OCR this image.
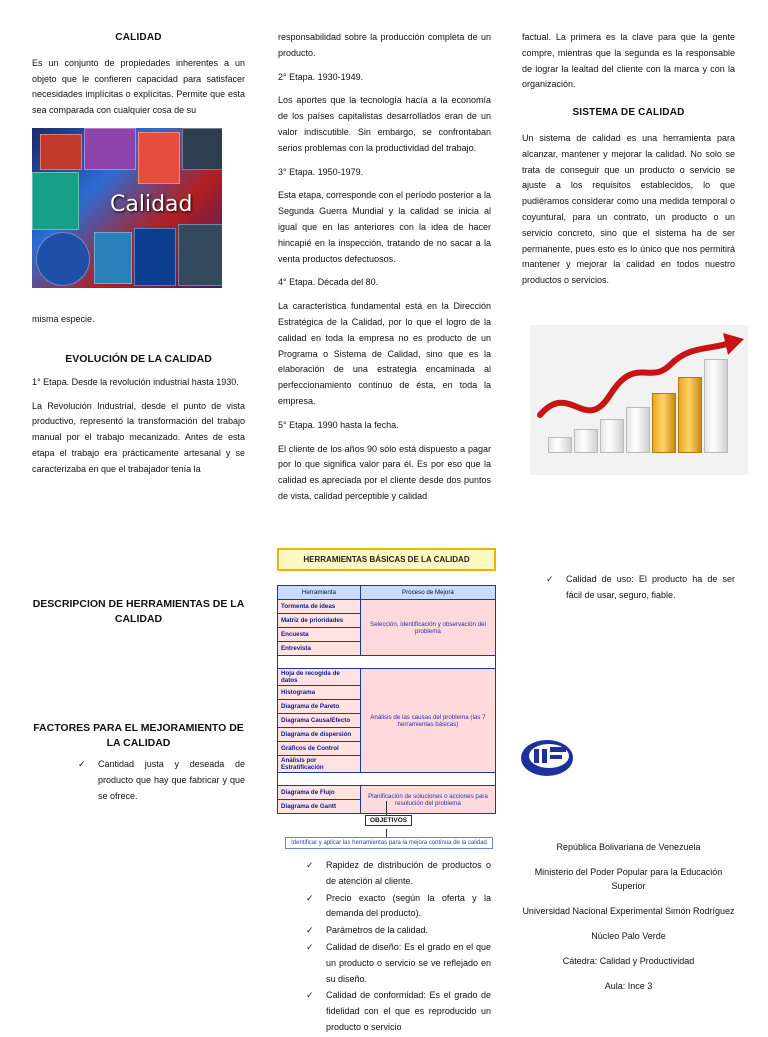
CALIDAD

Es un conjunto de propiedades inherentes a un objeto que le confieren capacidad para satisfacer necesidades implícitas o explícitas. Permite que esta sea comparada con cualquier cosa de su

Calidad

misma especie.

EVOLUCIÓN DE LA CALIDAD

1° Etapa. Desde la revolución industrial hasta 1930.

La Revolución Industrial, desde el punto de vista productivo, representó la transformación del trabajo manual por el trabajo mecanizado. Antes de esta etapa el trabajo era prácticamente artesanal y se caracterizaba en que el trabajador tenía la

DESCRIPCION DE HERRAMIENTAS DE LA CALIDAD
FACTORES PARA EL MEJORAMIENTO DE LA CALIDAD
✓ Cantidad justa y deseada de producto que hay que fabricar y que se ofrece.

responsabilidad sobre la producción completa de un producto.

2° Etapa. 1930-1949.

Los aportes que la tecnología hacía a la economía de los países capitalistas desarrollados eran de un valor indiscutible. Sin embargo, se confrontaban serios problemas con la productividad del trabajo.

3° Etapa. 1950-1979.

Esta etapa, corresponde con el período posterior a la Segunda Guerra Mundial y la calidad se inicia al igual que en las anteriores con la idea de hacer hincapié en la inspección, tratando de no sacar a la venta productos defectuosos.

4° Etapa. Década del 80.

La característica fundamental está en la Dirección Estratégica de la Calidad, por lo que el logro de la calidad en toda la empresa no es producto de un Programa o Sistema de Calidad, sino que es la elaboración de una estrategia encaminada al perfeccionamiento continuo de ésta, en toda la empresa.

5° Etapa. 1990 hasta la fecha.

El cliente de los años 90 sólo está dispuesto a pagar por lo que significa valor para él. Es por eso que la calidad es apreciada por el cliente desde dos puntos de vista, calidad perceptible y calidad

HERRAMIENTAS BÁSICAS DE LA CALIDAD
Herramienta	Proceso de Mejora
Tormenta de ideas	Selección, identificación y observación del problema
Matriz de prioridades	
Encuesta	
Entrevista	

Hoja de recogida de datos	Análisis de las causas del problema (las 7 herramientas básicas)
Histograma	
Diagrama de Pareto	
Diagrama Causa/Efecto	
Diagrama de dispersión	
Gráficos de Control	
Análisis por Estratificación	

Diagrama de Flujo	Planificación de soluciones o acciones para resolución del problema
Diagrama de Gantt	
OBJETIVOS
Identificar y aplicar las herramientas para la mejora continua de la calidad
✓ Rapidez de distribución de productos o de atención al cliente.
✓ Precio exacto (según la oferta y la demanda del producto).
✓ Parámetros de la calidad.
✓ Calidad de diseño: Es el grado en el que un producto o servicio se ve reflejado en su diseño.
✓ Calidad de conformidad: Es el grado de fidelidad con el que es reproducido un producto o servicio

factual. La primera es la clave para que la gente compre, mientras que la segunda es la responsable de lograr la lealtad del cliente con la marca y con la organización.

SISTEMA DE CALIDAD

Un sistema de calidad es una herramienta para alcanzar, mantener y mejorar la calidad. No solo se trata de conseguir que un producto o servicio se ajuste a los requisitos establecidos, lo que pudiéramos considerar como una medida temporal o coyuntural, para un contrato, un producto o un servicio concreto, sino que el sistema ha de ser permanente, pues esto es lo único que nos permitirá mantener y mejorar la calidad en todos nuestro productos o servicios.

✓ Calidad de uso: El producto ha de ser fácil de usar, seguro, fiable.
República Bolivariana de Venezuela
Ministerio del Poder Popular para la Educación Superior
Universidad Nacional Experimental Simón Rodríguez
Núcleo Palo Verde
Cátedra: Calidad y Productividad
Aula: Ince 3
